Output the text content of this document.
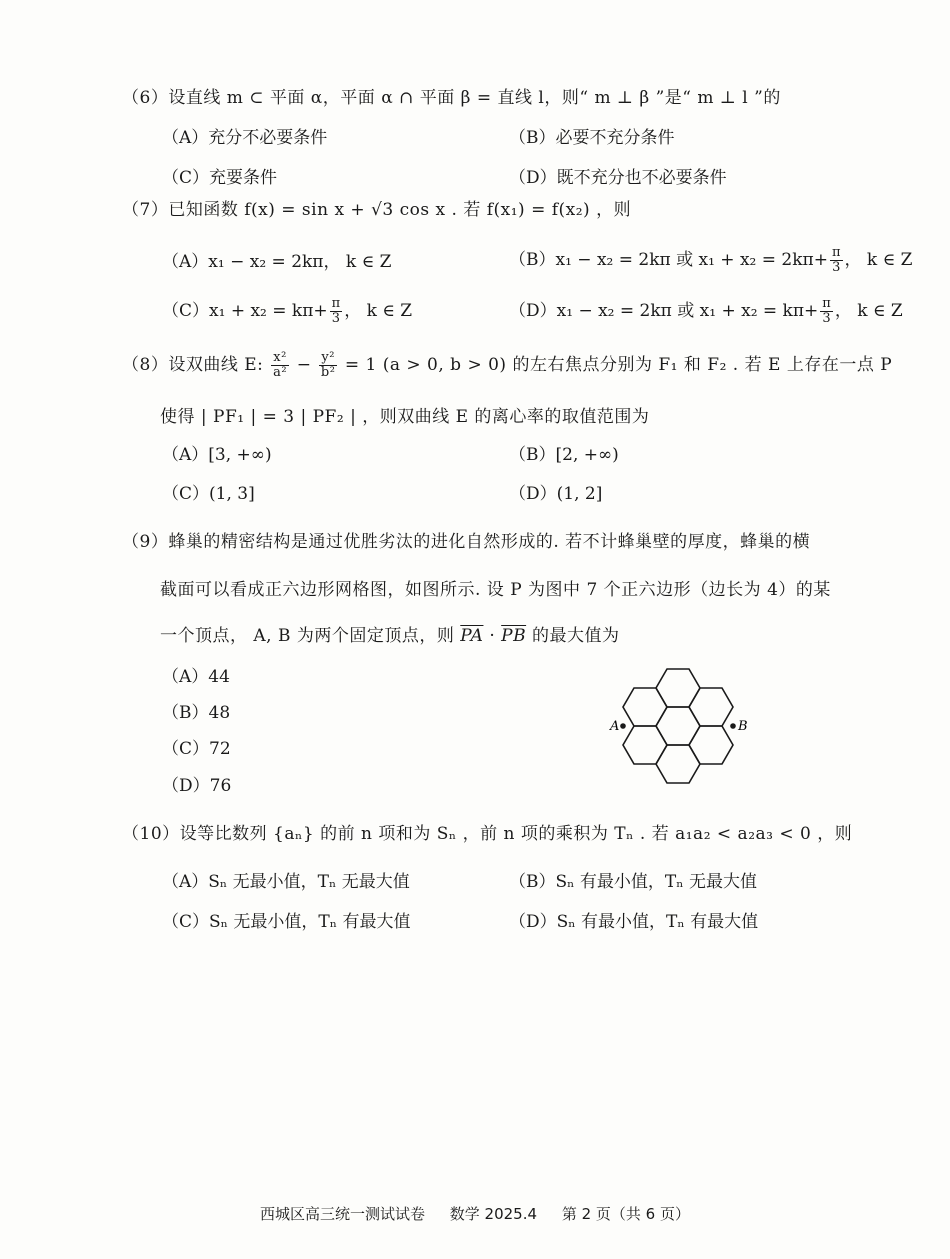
（6）设直线 m ⊂ 平面 α，平面 α ∩ 平面 β = 直线 l，则“ m ⊥ β ”是“ m ⊥ l ”的
（A）充分不必要条件	（B）必要不充分条件
（C）充要条件	（D）既不充分也不必要条件
（7）已知函数 f(x) = sin x + √3 cos x . 若 f(x₁) = f(x₂) ，则
（A）x₁ − x₂ = 2kπ， k ∈ Z	（B）x₁ − x₂ = 2kπ 或 $x_1 + x_2 = 2k\pi+ \frac{\pi}{3}$ ， k ∈ Z
$(C)x_1 + x_2 = k\pi+ \frac{\pi}{3}$ ， k ∈ Z	（D）x₁ − x₂ = 2kπ 或 $x_1 + x_2 = k\pi+ \frac{\pi}{3}$ ， k ∈ Z
（8）设双曲线 E: $\frac{\text{x²}}{\text{a²}} - \frac{\text{y²}}{\text{b²}} = 1$ (a > 0, b > 0) 的左右焦点分别为 F₁ 和 F₂ . 若 E 上存在一点 P
使得 | PF₁ | = 3 | PF₂ | ，则双曲线 E 的离心率的取值范围为
（A）[3, +∞)	（B）[2, +∞)
（C）(1, 3]	（D）(1, 2]
（9）蜂巢的精密结构是通过优胜劣汰的进化自然形成的. 若不计蜂巢壁的厚度，蜂巢的横
截面可以看成正六边形网格图，如图所示. 设 P 为图中 7 个正六边形（边长为 4）的某
一个顶点， A, B 为两个固定顶点，则 $\overline{PA} \cdot \overline{PB}$ 的最大值为
（A）44
（B）48
（C）72
（D）76
A	B
（10）设等比数列 {aₙ} 的前 n 项和为 Sₙ ，前 n 项的乘积为 Tₙ . 若 a₁a₂ < a₂a₃ < 0 ，则
（A）Sₙ 无最小值，Tₙ 无最大值	（B）Sₙ 有最小值，Tₙ 无最大值
（C）Sₙ 无最小值，Tₙ 有最大值	（D）Sₙ 有最小值，Tₙ 有最大值
西城区高三统一测试试卷 数学 2025.4 第 2 页（共 6 页）
